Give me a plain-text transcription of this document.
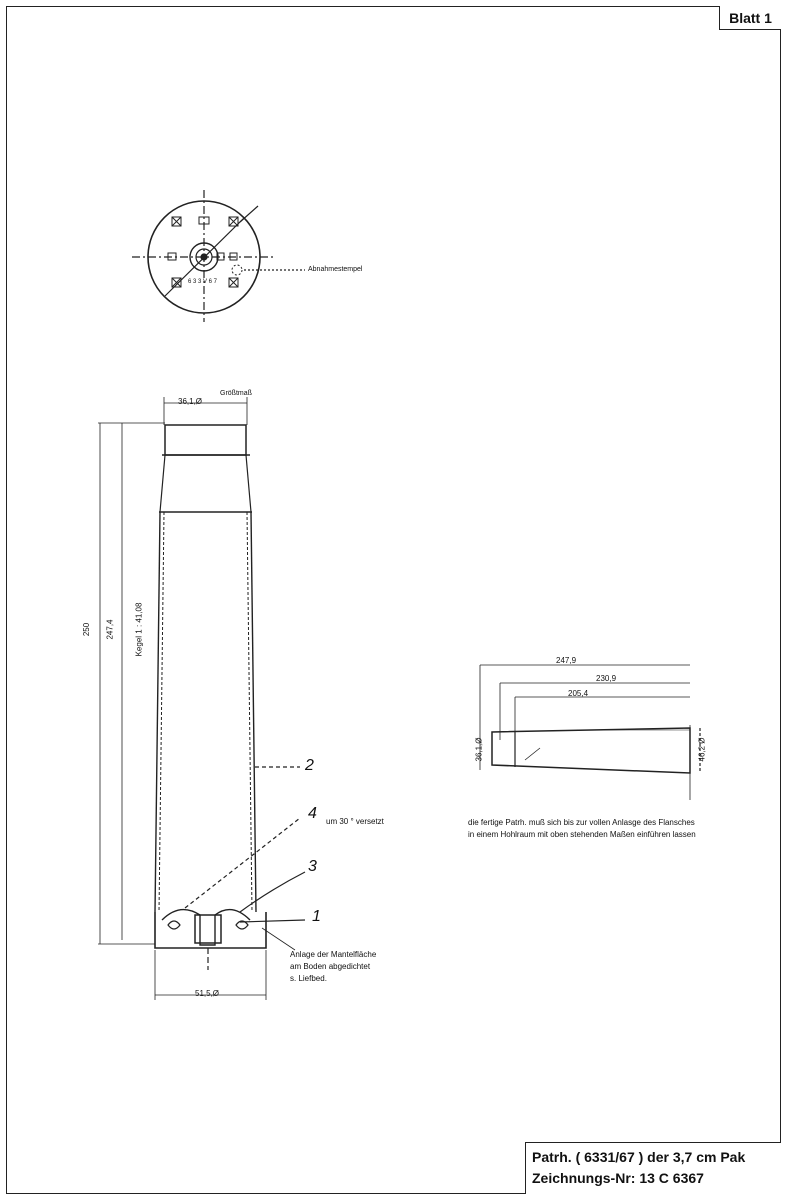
Blatt 1
Abnahmestempel
6 3 3 V 6 7
36,1,Ø
Größtmaß
250 247,4 Kegel 1 : 41,08
51,5,Ø
2
4 um 30 ° versetzt
3
1
Anlage der Mantelfläche
am Boden abgedichtet
s. Liefbed.
247,9
230,9
205,4
36,1,Ø	46,2 Ø
die fertige Patrh. muß sich bis zur vollen Anlasge des Flansches
in einem Hohlraum mit oben stehenden Maßen einführen lassen
Patrh. ( 6331/67 ) der 3,7 cm Pak
Zeichnungs-Nr: 13 C 6367
